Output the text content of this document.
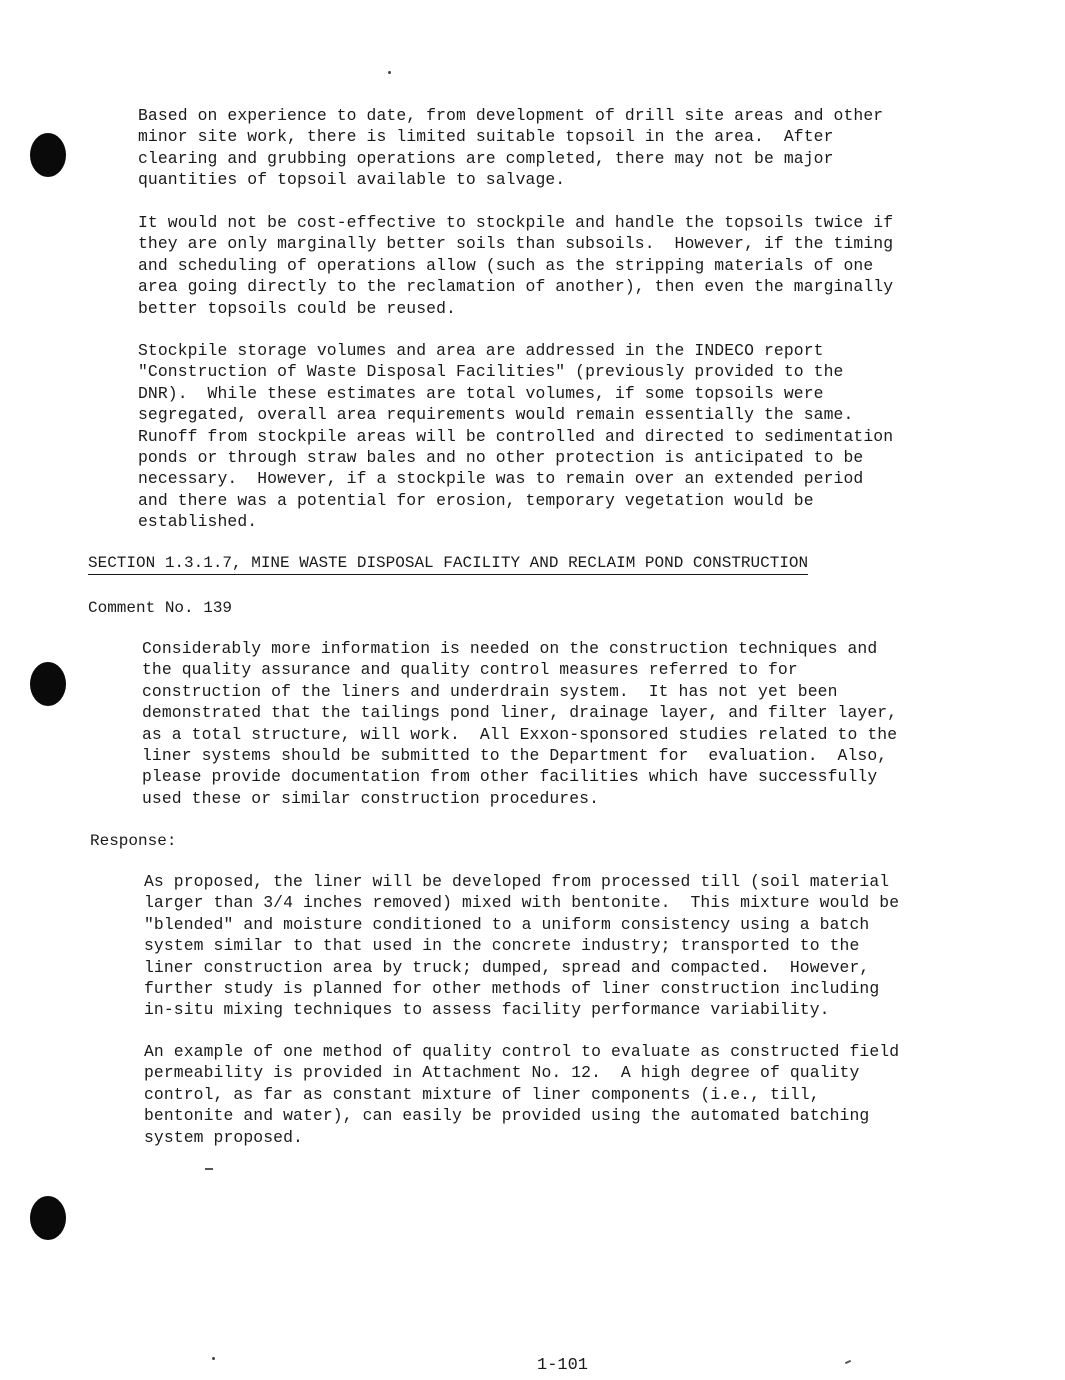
Based on experience to date, from development of drill site areas and other
minor site work, there is limited suitable topsoil in the area.  After
clearing and grubbing operations are completed, there may not be major
quantities of topsoil available to salvage.
It would not be cost-effective to stockpile and handle the topsoils twice if
they are only marginally better soils than subsoils.  However, if the timing
and scheduling of operations allow (such as the stripping materials of one
area going directly to the reclamation of another), then even the marginally
better topsoils could be reused.
Stockpile storage volumes and area are addressed in the INDECO report
"Construction of Waste Disposal Facilities" (previously provided to the
DNR).  While these estimates are total volumes, if some topsoils were
segregated, overall area requirements would remain essentially the same.
Runoff from stockpile areas will be controlled and directed to sedimentation
ponds or through straw bales and no other protection is anticipated to be
necessary.  However, if a stockpile was to remain over an extended period
and there was a potential for erosion, temporary vegetation would be
established.
SECTION 1.3.1.7, MINE WASTE DISPOSAL FACILITY AND RECLAIM POND CONSTRUCTION
Comment No. 139
Considerably more information is needed on the construction techniques and
the quality assurance and quality control measures referred to for
construction of the liners and underdrain system.  It has not yet been
demonstrated that the tailings pond liner, drainage layer, and filter layer,
as a total structure, will work.  All Exxon-sponsored studies related to the
liner systems should be submitted to the Department for  evaluation.  Also,
please provide documentation from other facilities which have successfully
used these or similar construction procedures.
Response:
As proposed, the liner will be developed from processed till (soil material
larger than 3/4 inches removed) mixed with bentonite.  This mixture would be
"blended" and moisture conditioned to a uniform consistency using a batch
system similar to that used in the concrete industry; transported to the
liner construction area by truck; dumped, spread and compacted.  However,
further study is planned for other methods of liner construction including
in-situ mixing techniques to assess facility performance variability.
An example of one method of quality control to evaluate as constructed field
permeability is provided in Attachment No. 12.  A high degree of quality
control, as far as constant mixture of liner components (i.e., till,
bentonite and water), can easily be provided using the automated batching
system proposed.
1-101
